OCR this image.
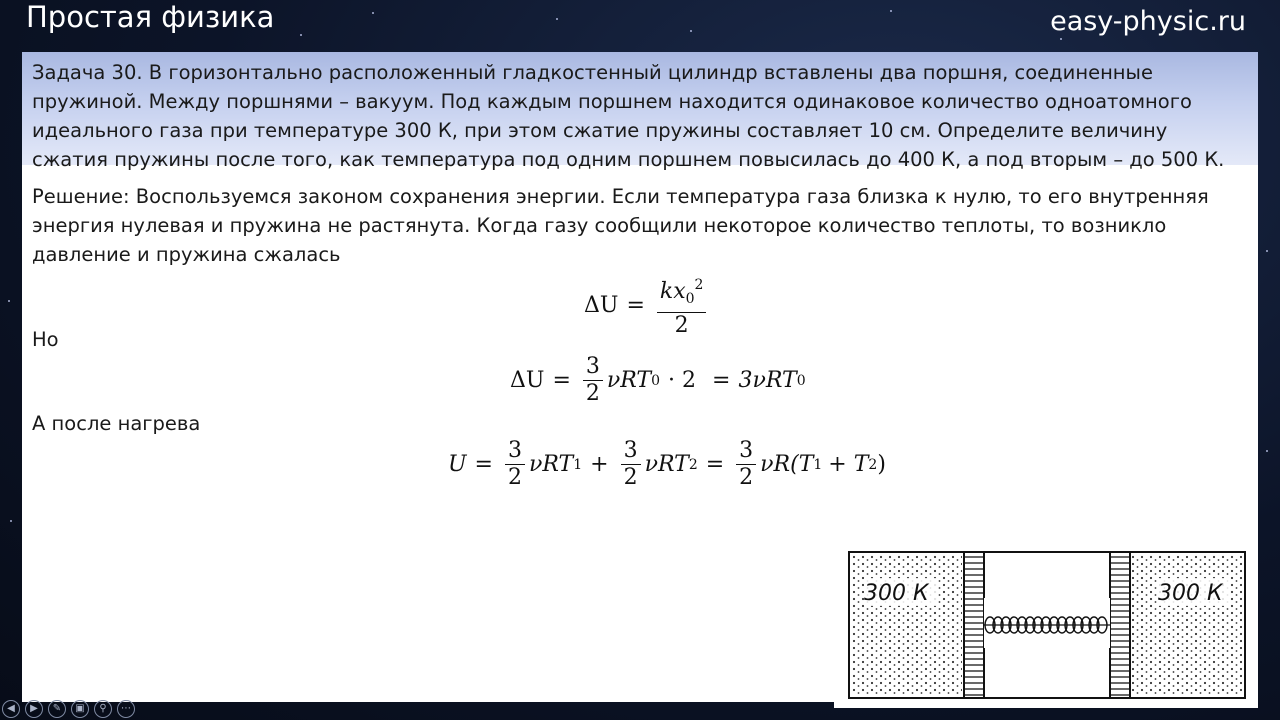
Простая физика	easy-physic.ru
Задача 30. В горизонтально расположенный гладкостенный цилиндр вставлены два поршня, соединенные пружиной. Между поршнями – вакуум. Под каждым поршнем находится одинаковое количество одноатомного идеального газа при температуре 300 К, при этом сжатие пружины составляет 10 см. Определите величину сжатия пружины после того, как температура под одним поршнем повысилась до 400 К, а под вторым – до 500 К.
Решение: Воспользуемся законом сохранения энергии. Если температура газа близка к нулю, то его внутренняя энергия нулевая и пружина не растянута. Когда газу сообщили некоторое количество теплоты, то возникло давление и пружина сжалась
$\Delta U = \frac{kx_0^2}{2}$
Но
$\Delta U = \frac{3}{2}$ νRT 0 · 2 = 3νRT 0
А после нагрева
$U = \frac{3}{2}$ νRT $1 + \frac{3}{2}$ νRT $2 = \frac{3}{2} \nu R(T$ 1 + T 2 )
300 К	300 К
◀	▶	✎	▣	⚲	⋯
